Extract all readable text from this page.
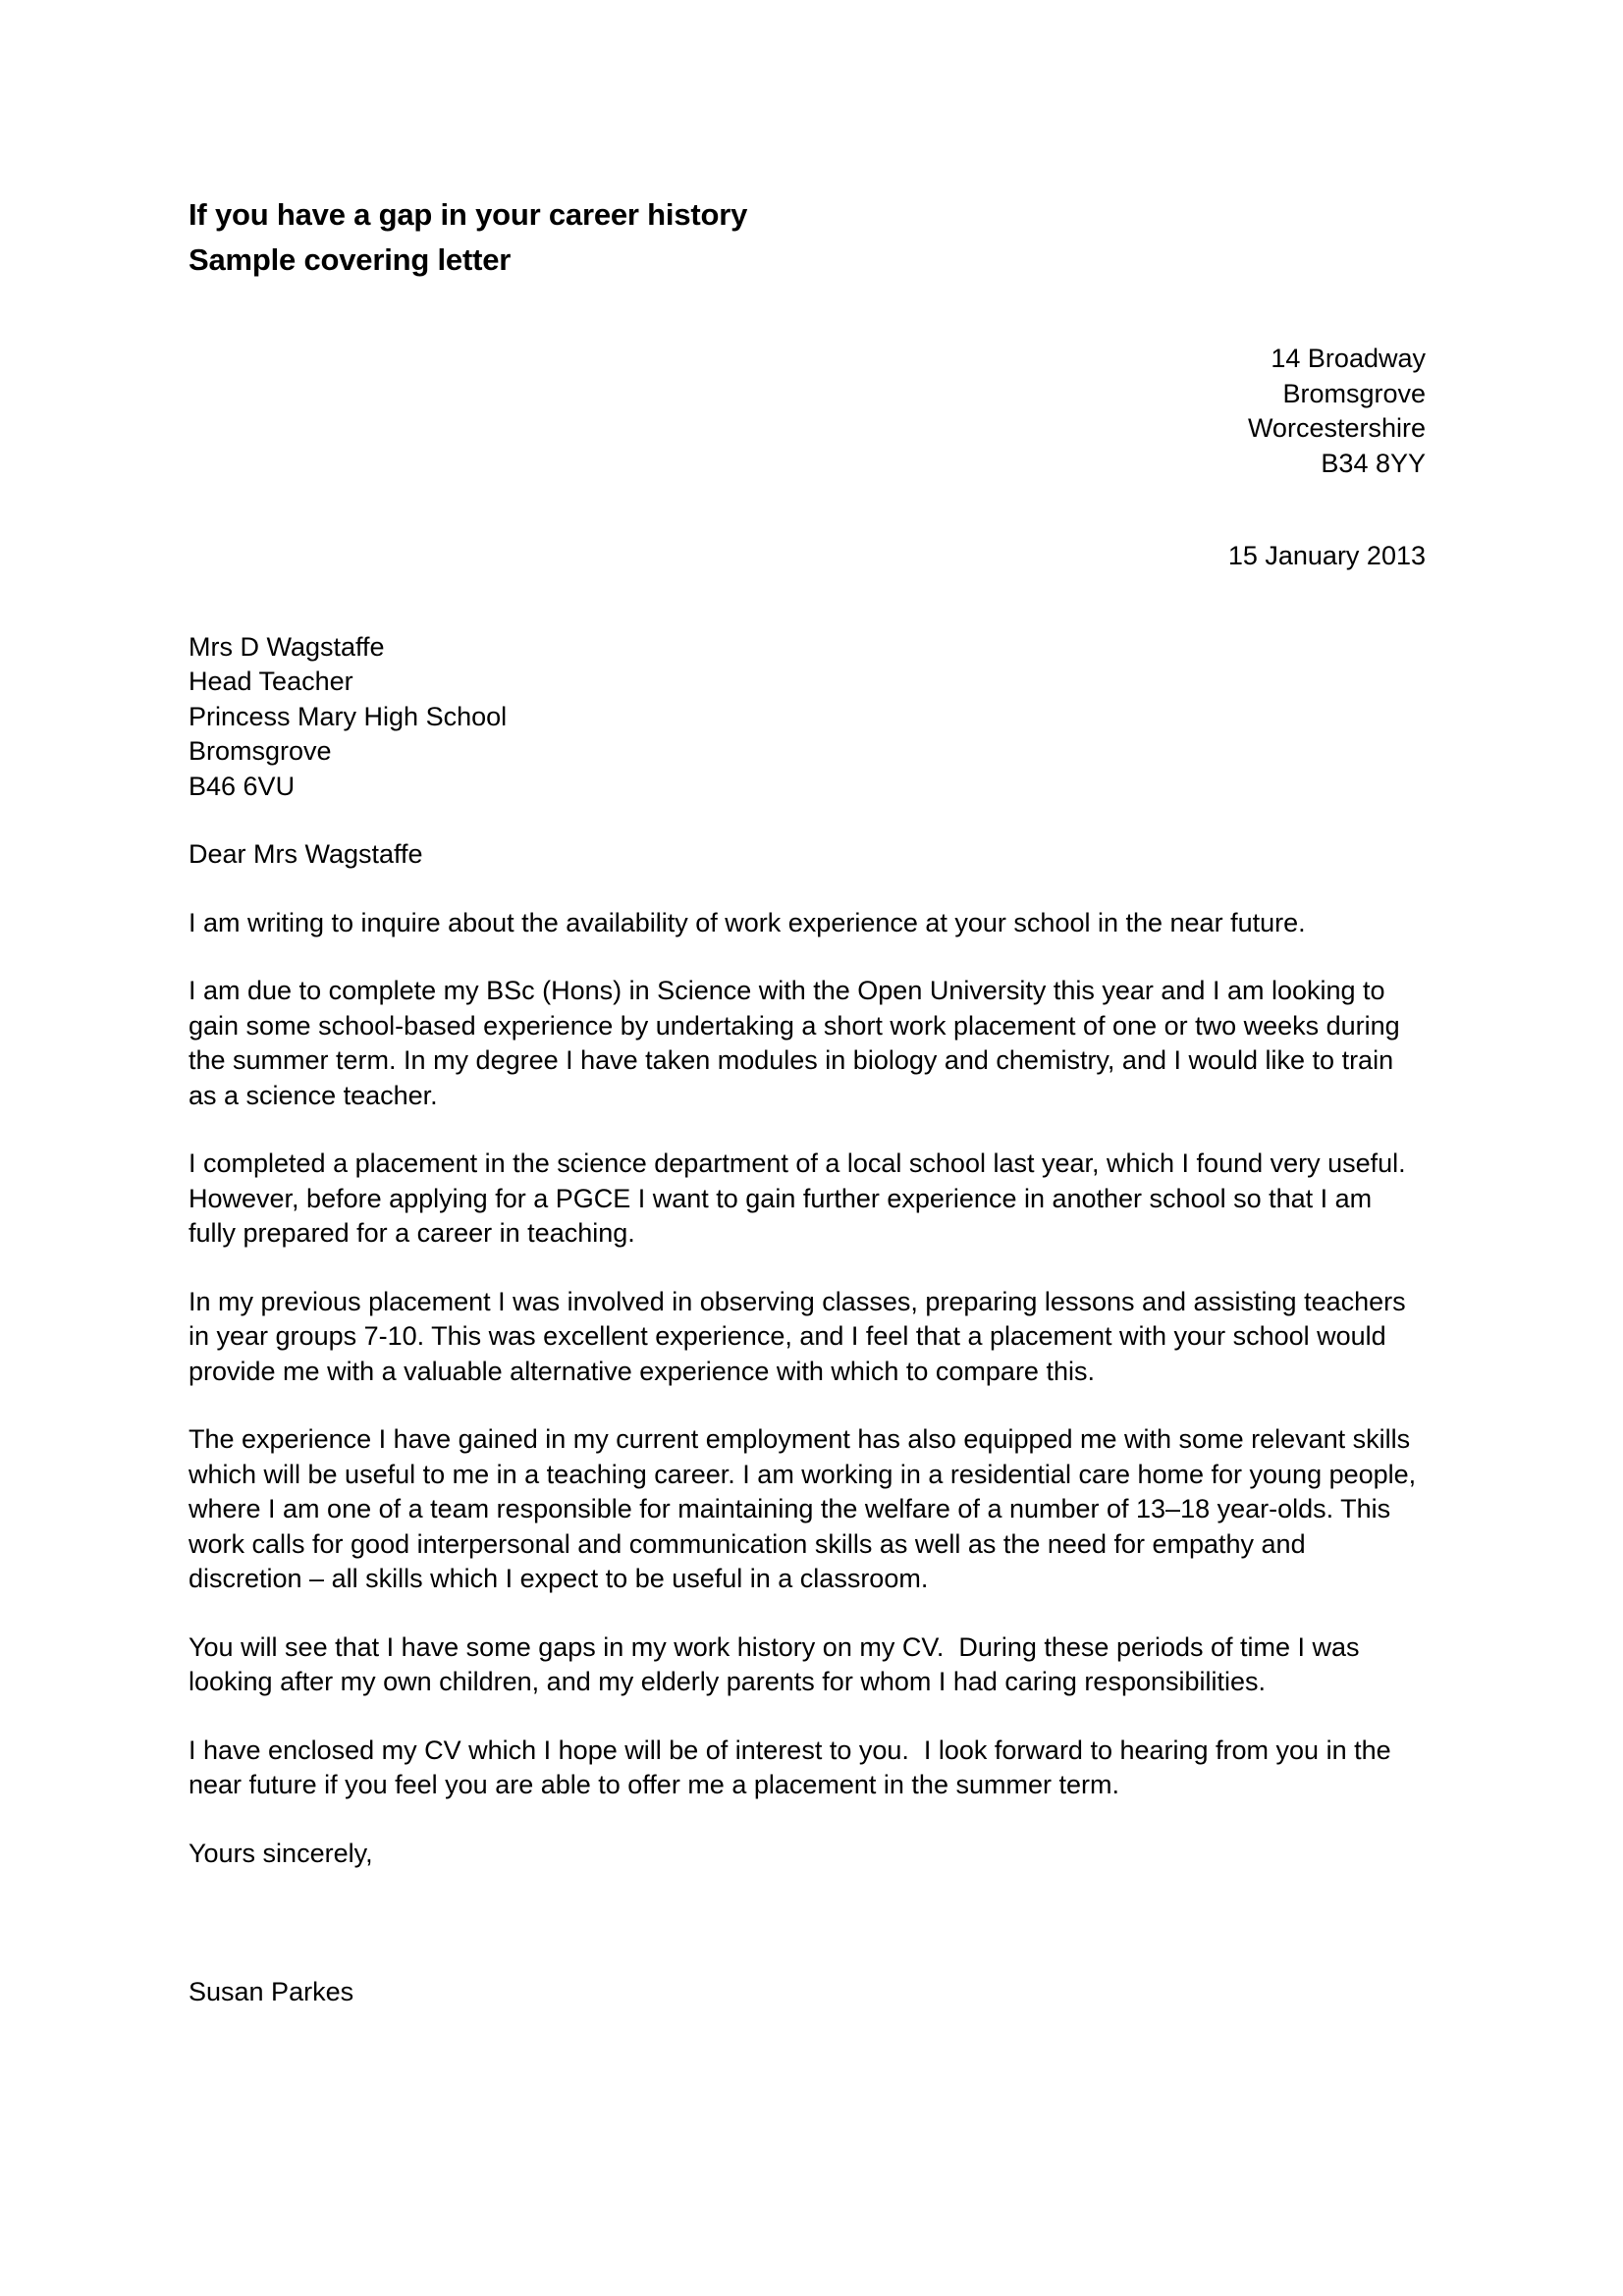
If you have a gap in your career history
Sample covering letter
14 Broadway
Bromsgrove
Worcestershire
B34 8YY
15 January 2013
Mrs D Wagstaffe
Head Teacher
Princess Mary High School
Bromsgrove
B46 6VU
Dear Mrs Wagstaffe

I am writing to inquire about the availability of work experience at your school in the near future.

I am due to complete my BSc (Hons) in Science with the Open University this year and I am looking to gain some school-based experience by undertaking a short work placement of one or two weeks during the summer term. In my degree I have taken modules in biology and chemistry, and I would like to train as a science teacher.

I completed a placement in the science department of a local school last year, which I found very useful. However, before applying for a PGCE I want to gain further experience in another school so that I am fully prepared for a career in teaching.

In my previous placement I was involved in observing classes, preparing lessons and assisting teachers in year groups 7-10. This was excellent experience, and I feel that a placement with your school would provide me with a valuable alternative experience with which to compare this.

The experience I have gained in my current employment has also equipped me with some relevant skills which will be useful to me in a teaching career. I am working in a residential care home for young people, where I am one of a team responsible for maintaining the welfare of a number of 13–18 year-olds. This work calls for good interpersonal and communication skills as well as the need for empathy and discretion – all skills which I expect to be useful in a classroom.

You will see that I have some gaps in my work history on my CV.  During these periods of time I was looking after my own children, and my elderly parents for whom I had caring responsibilities.

I have enclosed my CV which I hope will be of interest to you.  I look forward to hearing from you in the near future if you feel you are able to offer me a placement in the summer term.

Yours sincerely,
Susan Parkes
